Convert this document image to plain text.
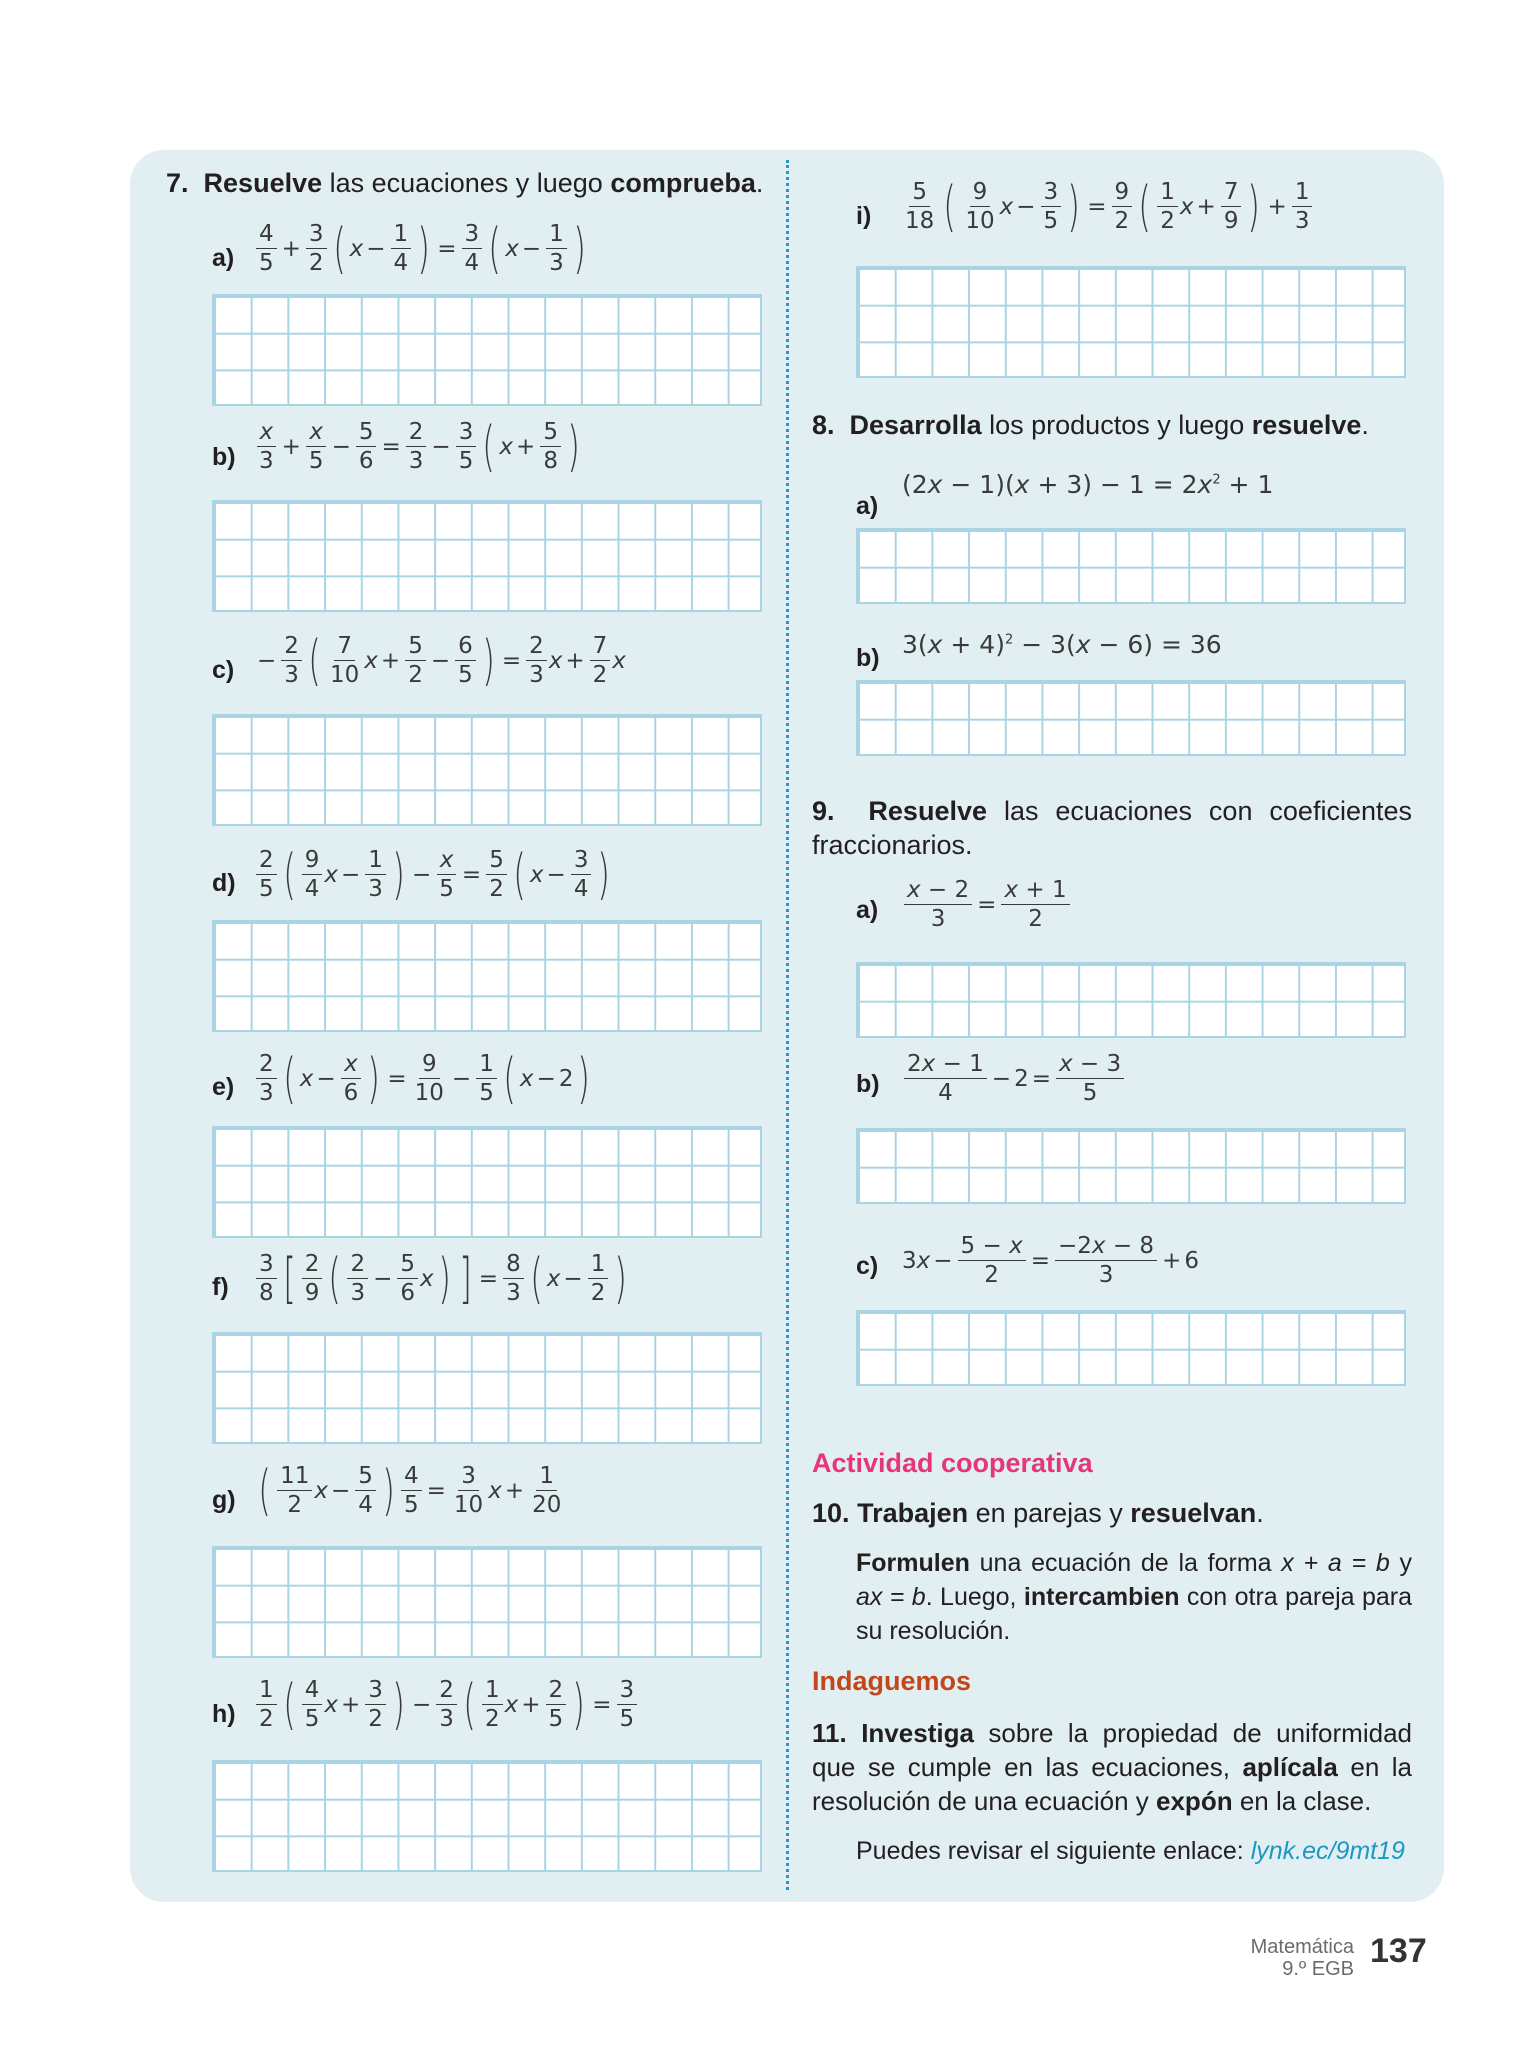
7. Resuelve las ecuaciones y luego comprueba.
$a) \frac{4}{5} + \frac{3}{2}$ ( $x - \frac{1}{4}$ ) = $\frac{3}{4}$ ( $x - \frac{1}{3}$ )
$b) \frac{x}{3} + \frac{x}{5} - \frac{5}{6} = \frac{2}{3} - \frac{3}{5}$ ( $x + \frac{5}{8}$ )
$c) - \frac{2}{3}$ ( $\frac{7}{10}$ $x + \frac{5}{2} - \frac{6}{5}$ ) = $\frac{2}{3}$ $x + \frac{7}{2}$ x
$d) \frac{2}{5}$ ( $\frac{9}{4}$ $x - \frac{1}{3}$ ) − $\frac{x}{5} = \frac{5}{2}$ ( $x - \frac{3}{4}$ )
$e) \frac{2}{3}$ ( $x - \frac{x}{6}$ ) = $\frac{9}{10} - \frac{1}{5}$ ( x − 2 )
$f) \frac{3}{8}$ [ $\frac{2}{9}$ ( $\frac{2}{3} - \frac{5}{6}$ x ) ] = $\frac{8}{3}$ ( $x - \frac{1}{2}$ )
g) ( $\frac{11}{2}$ $x - \frac{5}{4}$ ) $\frac{4}{5} = \frac{3}{10}$ $x + \frac{1}{20}$
$h) \frac{1}{2}$ ( $\frac{4}{5}$ $x + \frac{3}{2}$ ) − $\frac{2}{3}$ ( $\frac{1}{2}$ $x + \frac{2}{5}$ ) = $\frac{3}{5}$
$i) \frac{5}{18}$ ( $\frac{9}{10}$ $x - \frac{3}{5}$ ) = $\frac{9}{2}$ ( $\frac{1}{2}$ $x + \frac{7}{9}$ ) + $\frac{1}{3}$
8. Desarrolla los productos y luego resuelve.
a)
$(2x - 1)(x + 3) - 1 = 2x^2 + 1$
b) $3(x + 4)^2 - 3(x - 6) = 36$
9. Resuelve las ecuaciones con coeficientes fraccionarios.
$a) \frac{x - 2}{3} = \frac{x + 1}{2}$
$b) \frac{2x - 1}{4} - 2 = \frac{x - 3}{5}$
c) 3 $x - \frac{5 - x}{2} = \frac{-2x - 8}{3} + 6$
Actividad cooperativa
10. Trabajen en parejas y resuelvan.
Formulen una ecuación de la forma x + a = b y ax = b. Luego, intercambien con otra pareja para su resolución.
Indaguemos
11. Investiga sobre la propiedad de uniformidad que se cumple en las ecuaciones, aplícala en la resolución de una ecuación y expón en la clase.
Puedes revisar el siguiente enlace: lynk.ec/9mt19
Matemática
9.º EGB 137
